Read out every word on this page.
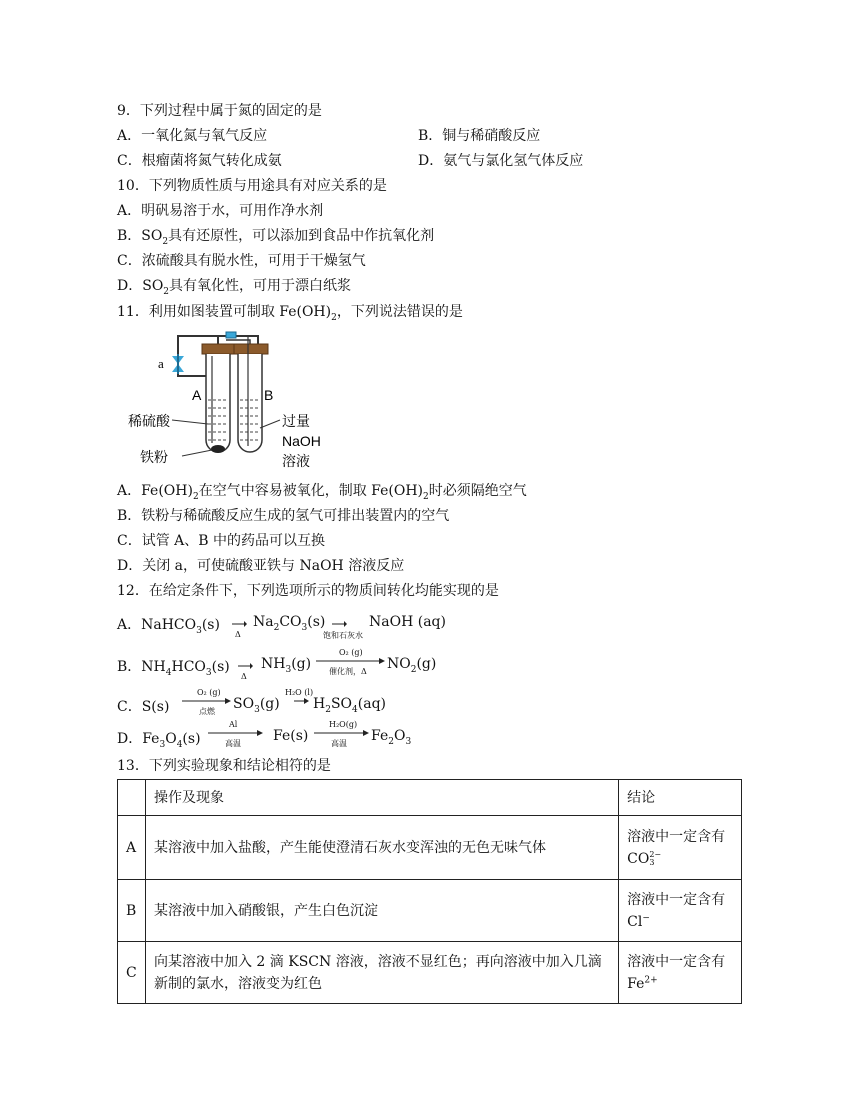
9．下列过程中属于氮的固定的是
A．一氧化氮与氧气反应	B．铜与稀硝酸反应
C．根瘤菌将氮气转化成氨	D．氨气与氯化氢气体反应
10．下列物质性质与用途具有对应关系的是
A．明矾易溶于水，可用作净水剂
B．$SO_2$具有还原性，可以添加到食品中作抗氧化剂
C．浓硫酸具有脱水性，可用于干燥氢气
D．$SO_2$具有氧化性，可用于漂白纸浆
11．利用如图装置可制取 $Fe(OH)_2$，下列说法错误的是
a
A	B
稀硫酸
铁粉
过量
NaOH
溶液
A．$Fe(OH)_2$在空气中容易被氧化，制取 $Fe(OH)_2$时必须隔绝空气
B．铁粉与稀硫酸反应生成的氢气可排出装置内的空气
C．试管 A、B 中的药品可以互换
D．关闭 a，可使硫酸亚铁与 NaOH 溶液反应
12．在给定条件下，下列选项所示的物质间转化均能实现的是
A．NaHCO$_3$(s)
Δ
$Na_2CO_3(s)$
饱和石灰水
NaOH (aq)
B．$NH_4HCO_3(s)$
Δ
$NH_3(g)$
O₂ (g)
催化剂，Δ $NO_2(g)$
C．S(s)
O₂ (g)
点燃 $SO_3(g)$
H₂O (l)
$H_2SO_4(aq)$
D．$Fe_3O_4(s)$
Al
高温 Fe(s)
H₂O(g)
高温 $Fe_2O_3$
13．下列实验现象和结论相符的是
	操作及现象	结论
A	某溶液中加入盐酸，产生能使澄清石灰水变浑浊的无色无味气体	溶液中一定含有
CO2−
3
B	某溶液中加入硝酸银，产生白色沉淀	溶液中一定含有
Cl−
C	向某溶液中加入 2 滴 KSCN 溶液，溶液不显红色；再向溶液中加入几滴
新制的氯水，溶液变为红色	溶液中一定含有
$Fe^{2+}$
